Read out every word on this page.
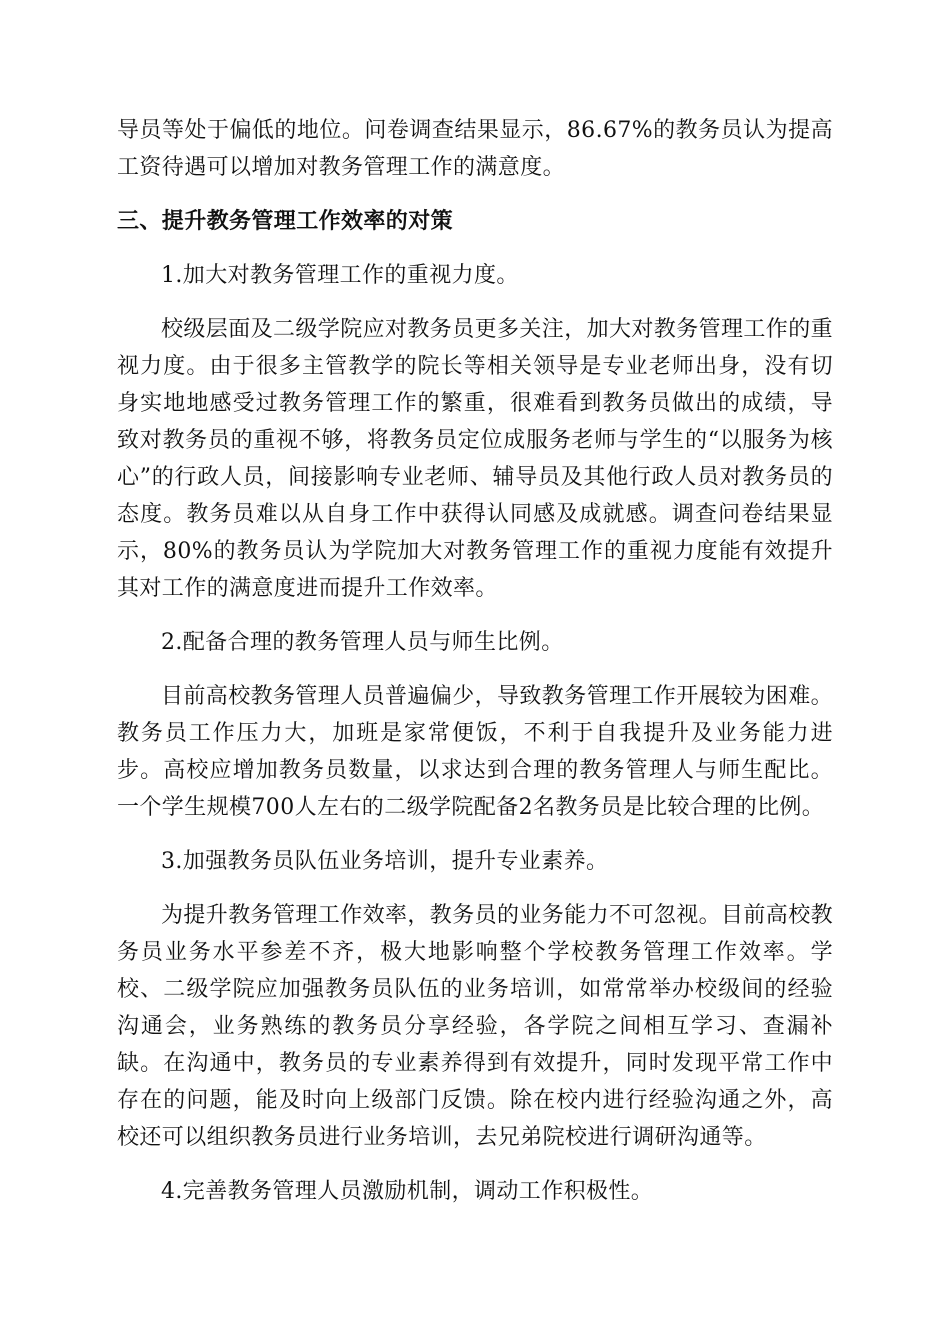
导员等处于偏低的地位。问卷调查结果显示，86.67%的教务员认为提高工资待遇可以增加对教务管理工作的满意度。

三、提升教务管理工作效率的对策

1.加大对教务管理工作的重视力度。

校级层面及二级学院应对教务员更多关注，加大对教务管理工作的重视力度。由于很多主管教学的院长等相关领导是专业老师出身，没有切身实地地感受过教务管理工作的繁重，很难看到教务员做出的成绩，导致对教务员的重视不够，将教务员定位成服务老师与学生的“以服务为核心”的行政人员，间接影响专业老师、辅导员及其他行政人员对教务员的态度。教务员难以从自身工作中获得认同感及成就感。调查问卷结果显示，80%的教务员认为学院加大对教务管理工作的重视力度能有效提升其对工作的满意度进而提升工作效率。

2.配备合理的教务管理人员与师生比例。

目前高校教务管理人员普遍偏少，导致教务管理工作开展较为困难。教务员工作压力大，加班是家常便饭，不利于自我提升及业务能力进步。高校应增加教务员数量，以求达到合理的教务管理人与师生配比。一个学生规模700人左右的二级学院配备2名教务员是比较合理的比例。

3.加强教务员队伍业务培训，提升专业素养。

为提升教务管理工作效率，教务员的业务能力不可忽视。目前高校教务员业务水平参差不齐，极大地影响整个学校教务管理工作效率。学校、二级学院应加强教务员队伍的业务培训，如常常举办校级间的经验沟通会，业务熟练的教务员分享经验，各学院之间相互学习、查漏补缺。在沟通中，教务员的专业素养得到有效提升，同时发现平常工作中存在的问题，能及时向上级部门反馈。除在校内进行经验沟通之外，高校还可以组织教务员进行业务培训，去兄弟院校进行调研沟通等。

4.完善教务管理人员激励机制，调动工作积极性。
